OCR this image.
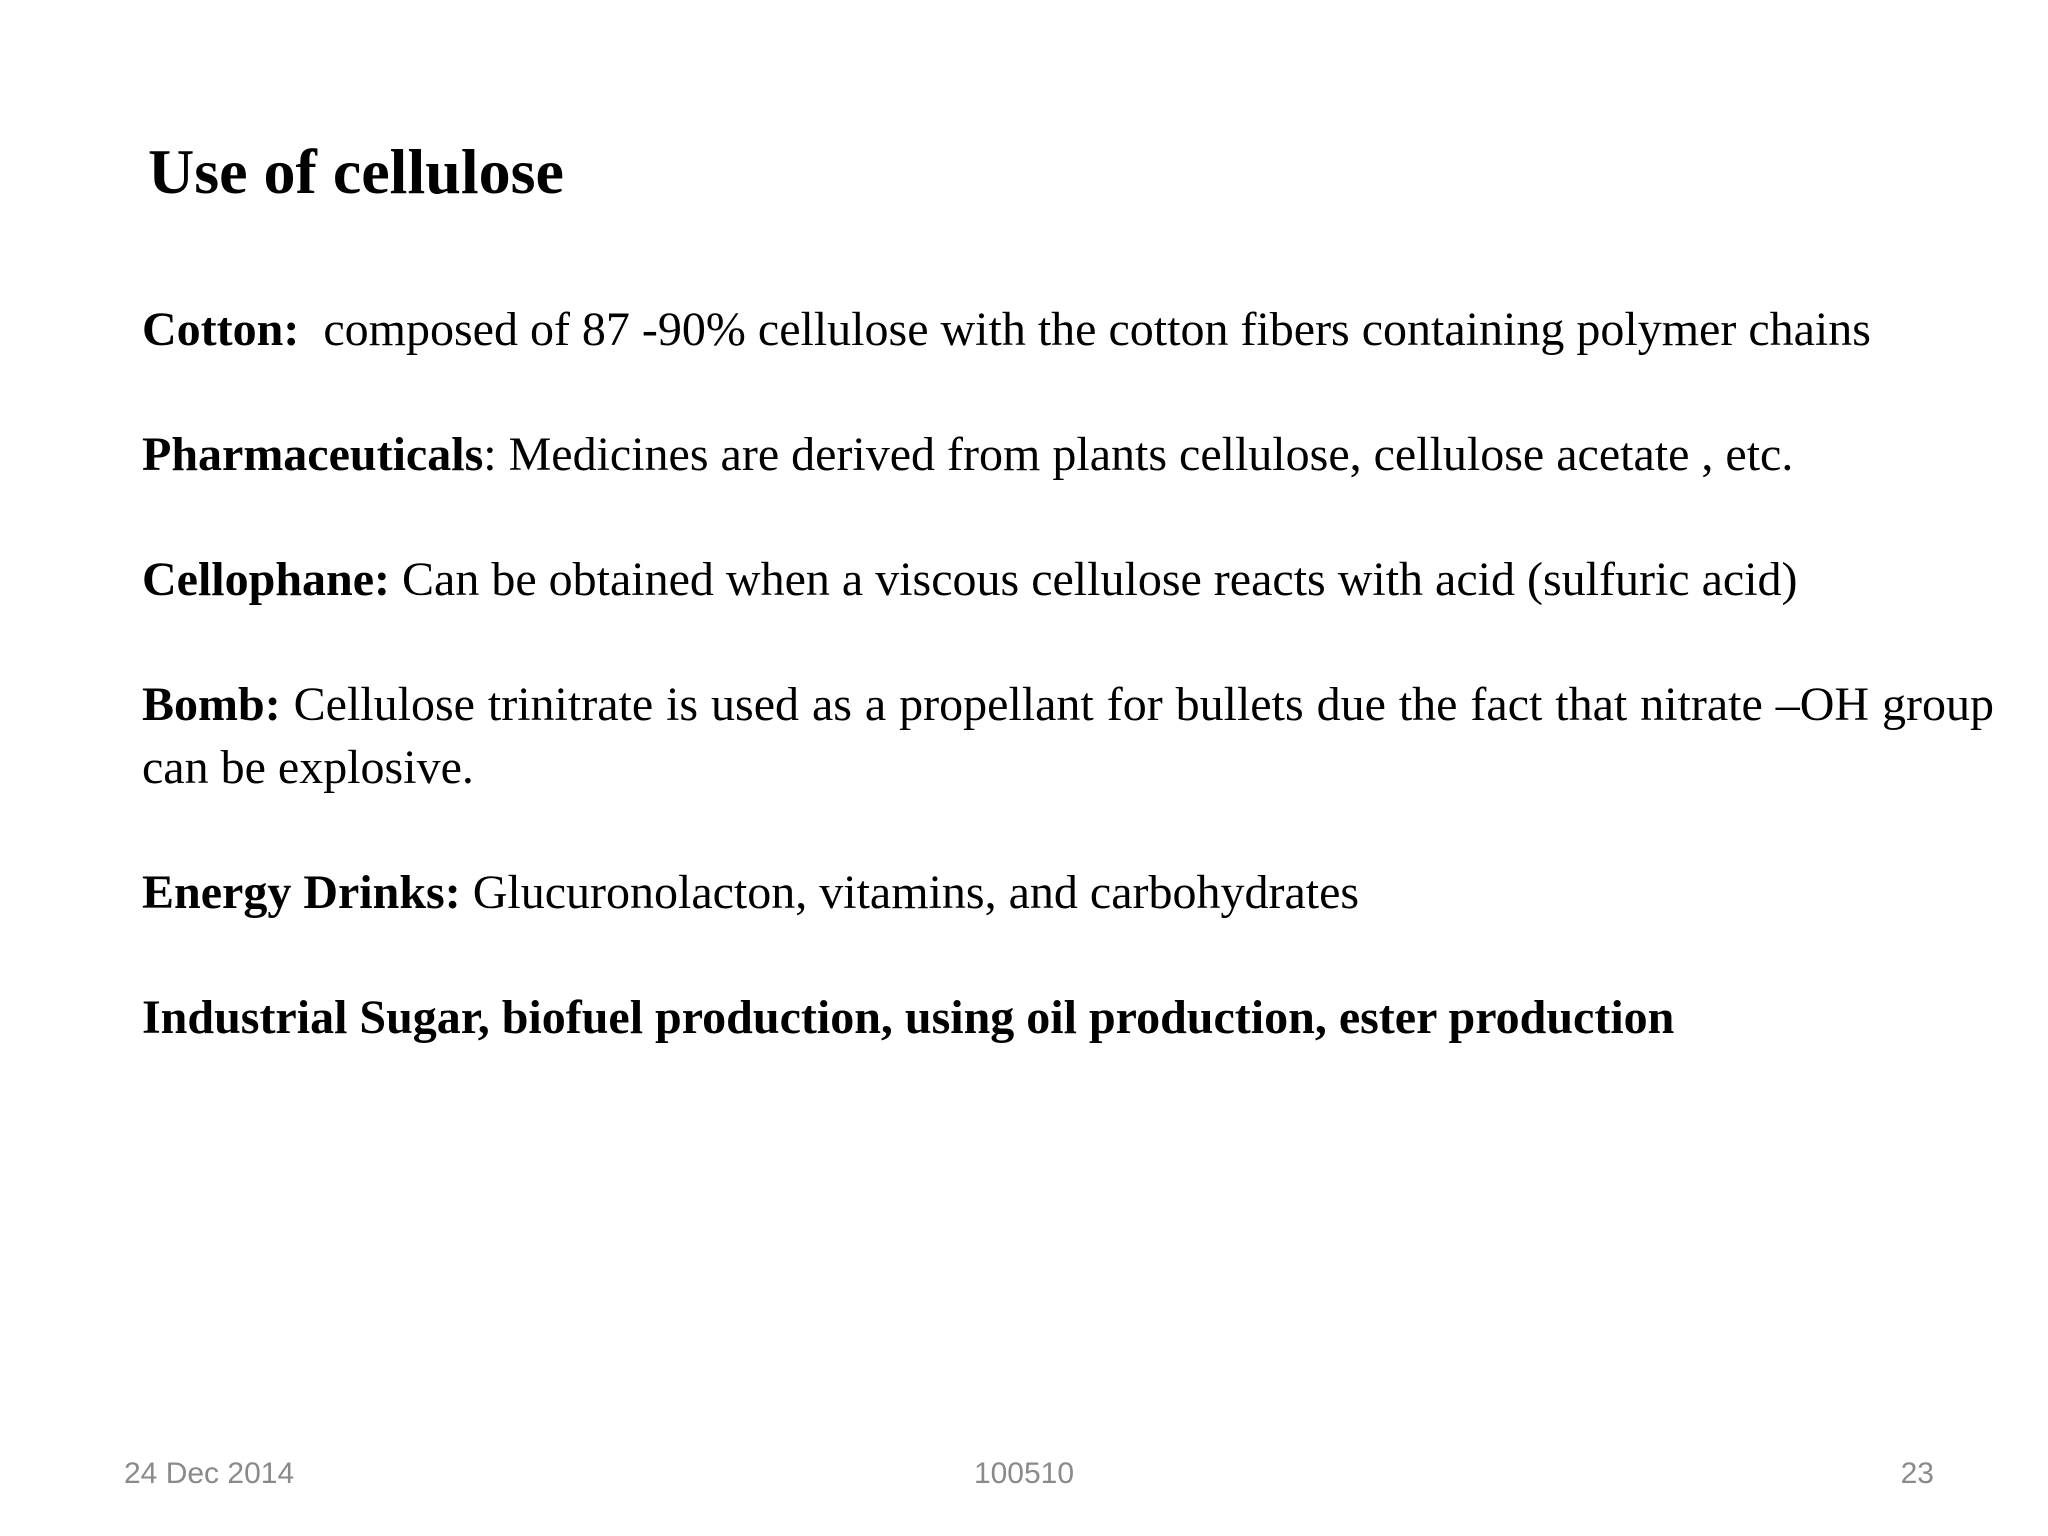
Use of cellulose

Cotton: composed of 87 -90% cellulose with the cotton fibers containing polymer chains

Pharmaceuticals: Medicines are derived from plants cellulose, cellulose acetate , etc.

Cellophane: Can be obtained when a viscous cellulose reacts with acid (sulfuric acid)

Bomb: Cellulose trinitrate is used as a propellant for bullets due the fact that nitrate –OH group can be explosive.

Energy Drinks: Glucuronolacton, vitamins, and carbohydrates

Industrial Sugar, biofuel production, using oil production, ester production

24 Dec 2014	100510	23
